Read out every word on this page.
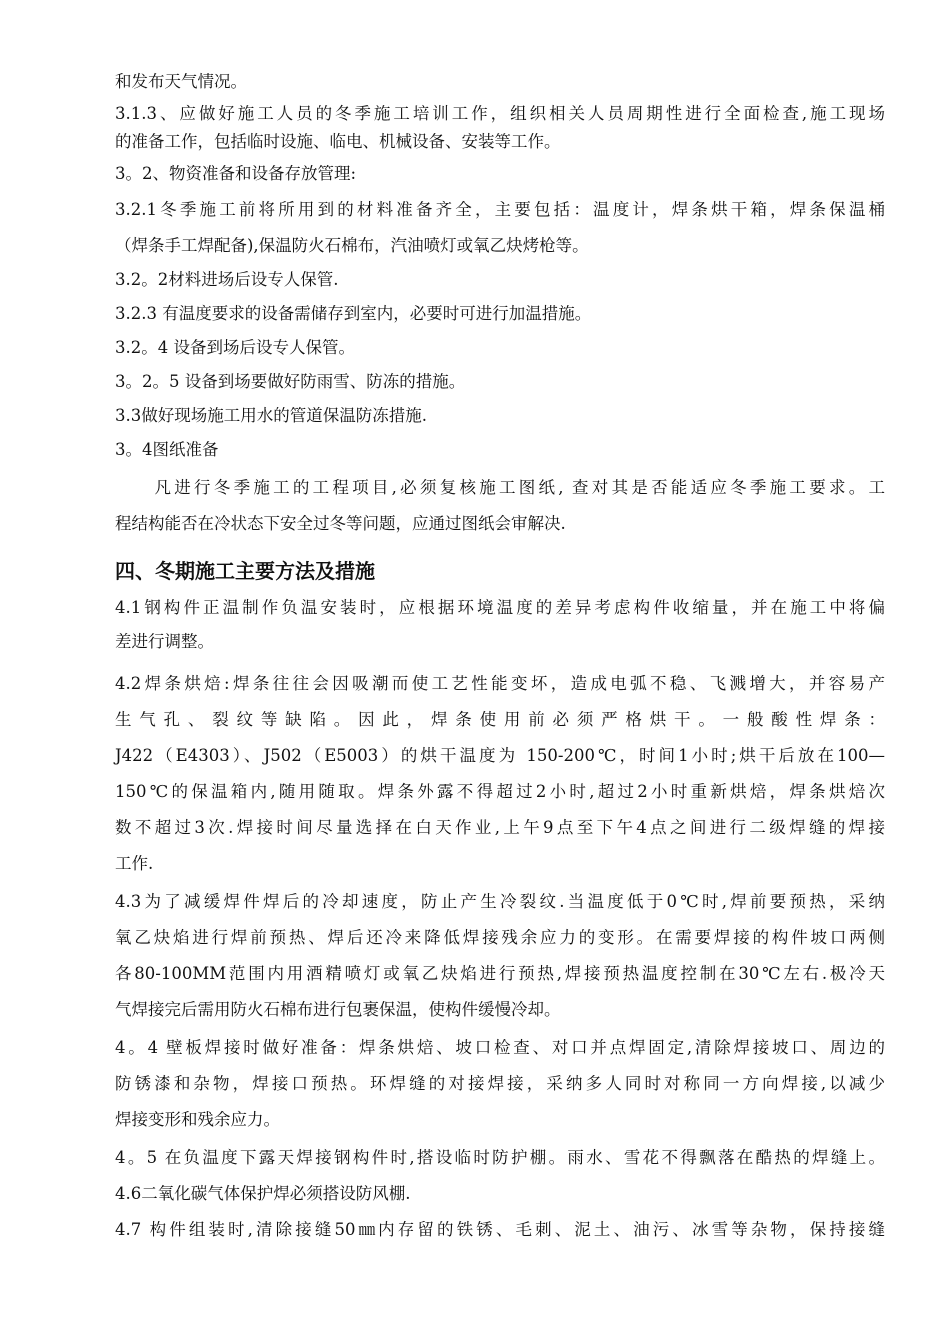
和发布天气情况。
3.1.3、应做好施工人员的冬季施工培训工作，组织相关人员周期性进行全面检查,施工现场
的准备工作，包括临时设施、临电、机械设备、安装等工作。
3。2、物资准备和设备存放管理:
3.2.1冬季施工前将所用到的材料准备齐全，主要包括：温度计，焊条烘干箱，焊条保温桶
（焊条手工焊配备),保温防火石棉布，汽油喷灯或氧乙炔烤枪等。
3.2。2材料进场后设专人保管.
3.2.3 有温度要求的设备需储存到室内，必要时可进行加温措施。
3.2。4 设备到场后设专人保管。
3。2。5 设备到场要做好防雨雪、防冻的措施。
3.3做好现场施工用水的管道保温防冻措施.
3。4图纸准备
　　凡进行冬季施工的工程项目,必须复核施工图纸, 查对其是否能适应冬季施工要求。工
程结构能否在冷状态下安全过冬等问题，应通过图纸会审解决.
四、冬期施工主要方法及措施
4.1钢构件正温制作负温安装时，应根据环境温度的差异考虑构件收缩量，并在施工中将偏
差进行调整。
4.2焊条烘焙:焊条往往会因吸潮而使工艺性能变坏，造成电弧不稳、飞溅增大，并容易产
生气孔、裂纹等缺陷。因此，焊条使用前必须严格烘干。一般酸性焊条：
J422（E4303）、J502（E5003）的烘干温度为 150-200℃，时间1小时;烘干后放在100—
150℃的保温箱内,随用随取。焊条外露不得超过2小时,超过2小时重新烘焙，焊条烘焙次
数不超过3次.焊接时间尽量选择在白天作业,上午9点至下午4点之间进行二级焊缝的焊接
工作.
4.3为了减缓焊件焊后的冷却速度，防止产生冷裂纹.当温度低于0℃时,焊前要预热，采纳
氧乙炔焰进行焊前预热、焊后还冷来降低焊接残余应力的变形。在需要焊接的构件坡口两侧
各80-100MM范围内用酒精喷灯或氧乙炔焰进行预热,焊接预热温度控制在30℃左右.极冷天
气焊接完后需用防火石棉布进行包裹保温，使构件缓慢冷却。
4。4 壁板焊接时做好准备：焊条烘焙、坡口检查、对口并点焊固定,清除焊接坡口、周边的
防锈漆和杂物，焊接口预热。环焊缝的对接焊接，采纳多人同时对称同一方向焊接,以减少
焊接变形和残余应力。
4。5 在负温度下露天焊接钢构件时,搭设临时防护棚。雨水、雪花不得飘落在酷热的焊缝上。
4.6二氧化碳气体保护焊必须搭设防风棚.
4.7 构件组装时,清除接缝50㎜内存留的铁锈、毛刺、泥土、油污、冰雪等杂物，保持接缝
